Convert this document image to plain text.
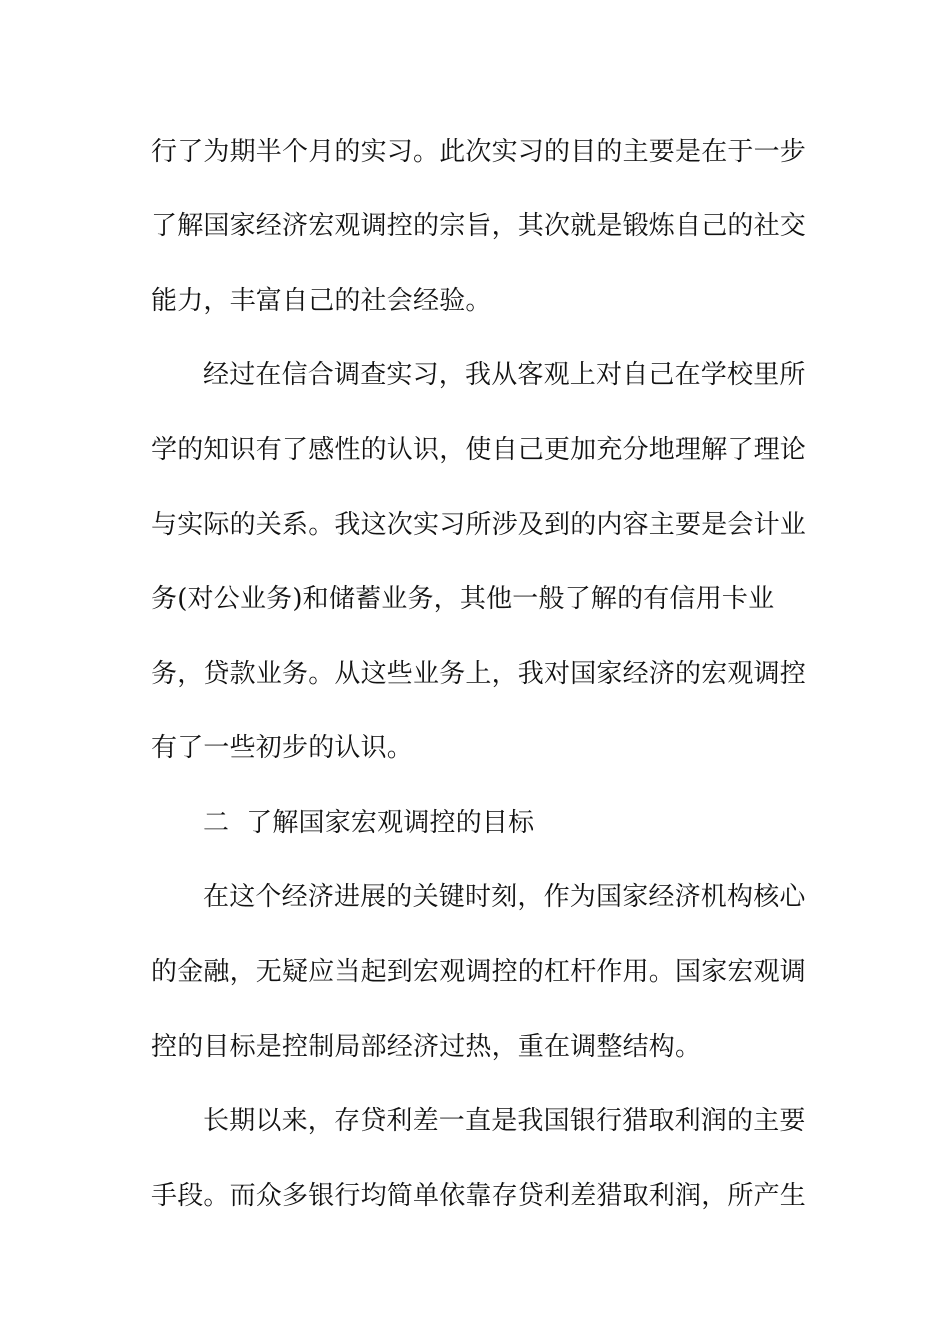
行了为期半个月的实习。此次实习的目的主要是在于一步
了解国家经济宏观调控的宗旨，其次就是锻炼自己的社交
能力，丰富自己的社会经验。
经过在信合调查实习，我从客观上对自己在学校里所
学的知识有了感性的认识，使自己更加充分地理解了理论
与实际的关系。我这次实习所涉及到的内容主要是会计业
务(对公业务)和储蓄业务，其他一般了解的有信用卡业
务，贷款业务。从这些业务上，我对国家经济的宏观调控
有了一些初步的认识。
二  了解国家宏观调控的目标
在这个经济进展的关键时刻，作为国家经济机构核心
的金融，无疑应当起到宏观调控的杠杆作用。国家宏观调
控的目标是控制局部经济过热，重在调整结构。
长期以来，存贷利差一直是我国银行猎取利润的主要
手段。而众多银行均简单依靠存贷利差猎取利润，所产生
